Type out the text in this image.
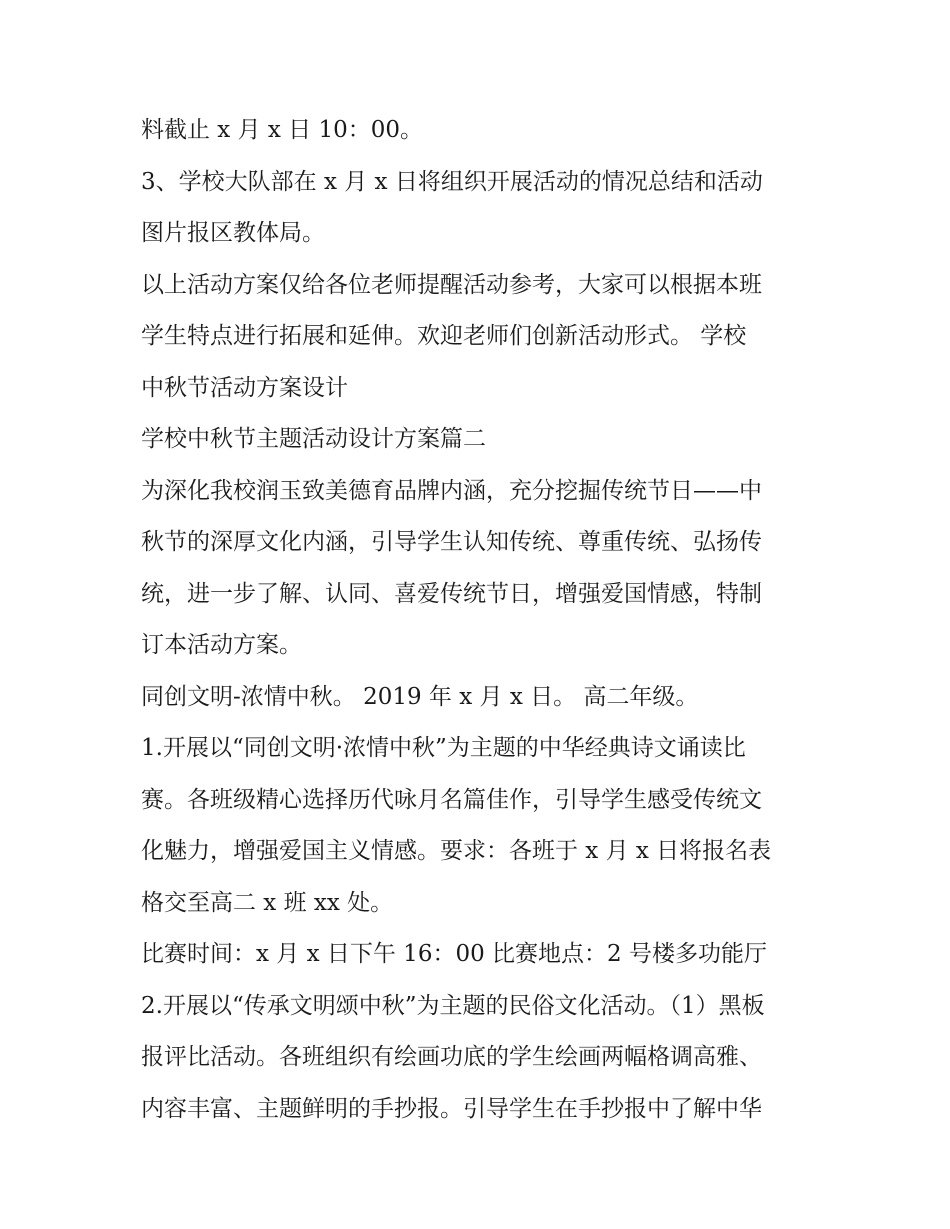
料截止 x 月 x 日 10：00。
3、学校大队部在 x 月 x 日将组织开展活动的情况总结和活动
图片报区教体局。
以上活动方案仅给各位老师提醒活动参考，大家可以根据本班
学生特点进行拓展和延伸。欢迎老师们创新活动形式。 学校
中秋节活动方案设计
学校中秋节主题活动设计方案篇二
为深化我校润玉致美德育品牌内涵，充分挖掘传统节日——中
秋节的深厚文化内涵，引导学生认知传统、尊重传统、弘扬传
统，进一步了解、认同、喜爱传统节日，增强爱国情感，特制
订本活动方案。
同创文明-浓情中秋。 2019 年 x 月 x 日。 高二年级。
1.开展以“同创文明·浓情中秋”为主题的中华经典诗文诵读比
赛。各班级精心选择历代咏月名篇佳作，引导学生感受传统文
化魅力，增强爱国主义情感。要求：各班于 x 月 x 日将报名表
格交至高二 x 班 xx 处。
比赛时间：x 月 x 日下午 16：00 比赛地点：2 号楼多功能厅
2.开展以“传承文明颂中秋”为主题的民俗文化活动。（1）黑板
报评比活动。各班组织有绘画功底的学生绘画两幅格调高雅、
内容丰富、主题鲜明的手抄报。引导学生在手抄报中了解中华
